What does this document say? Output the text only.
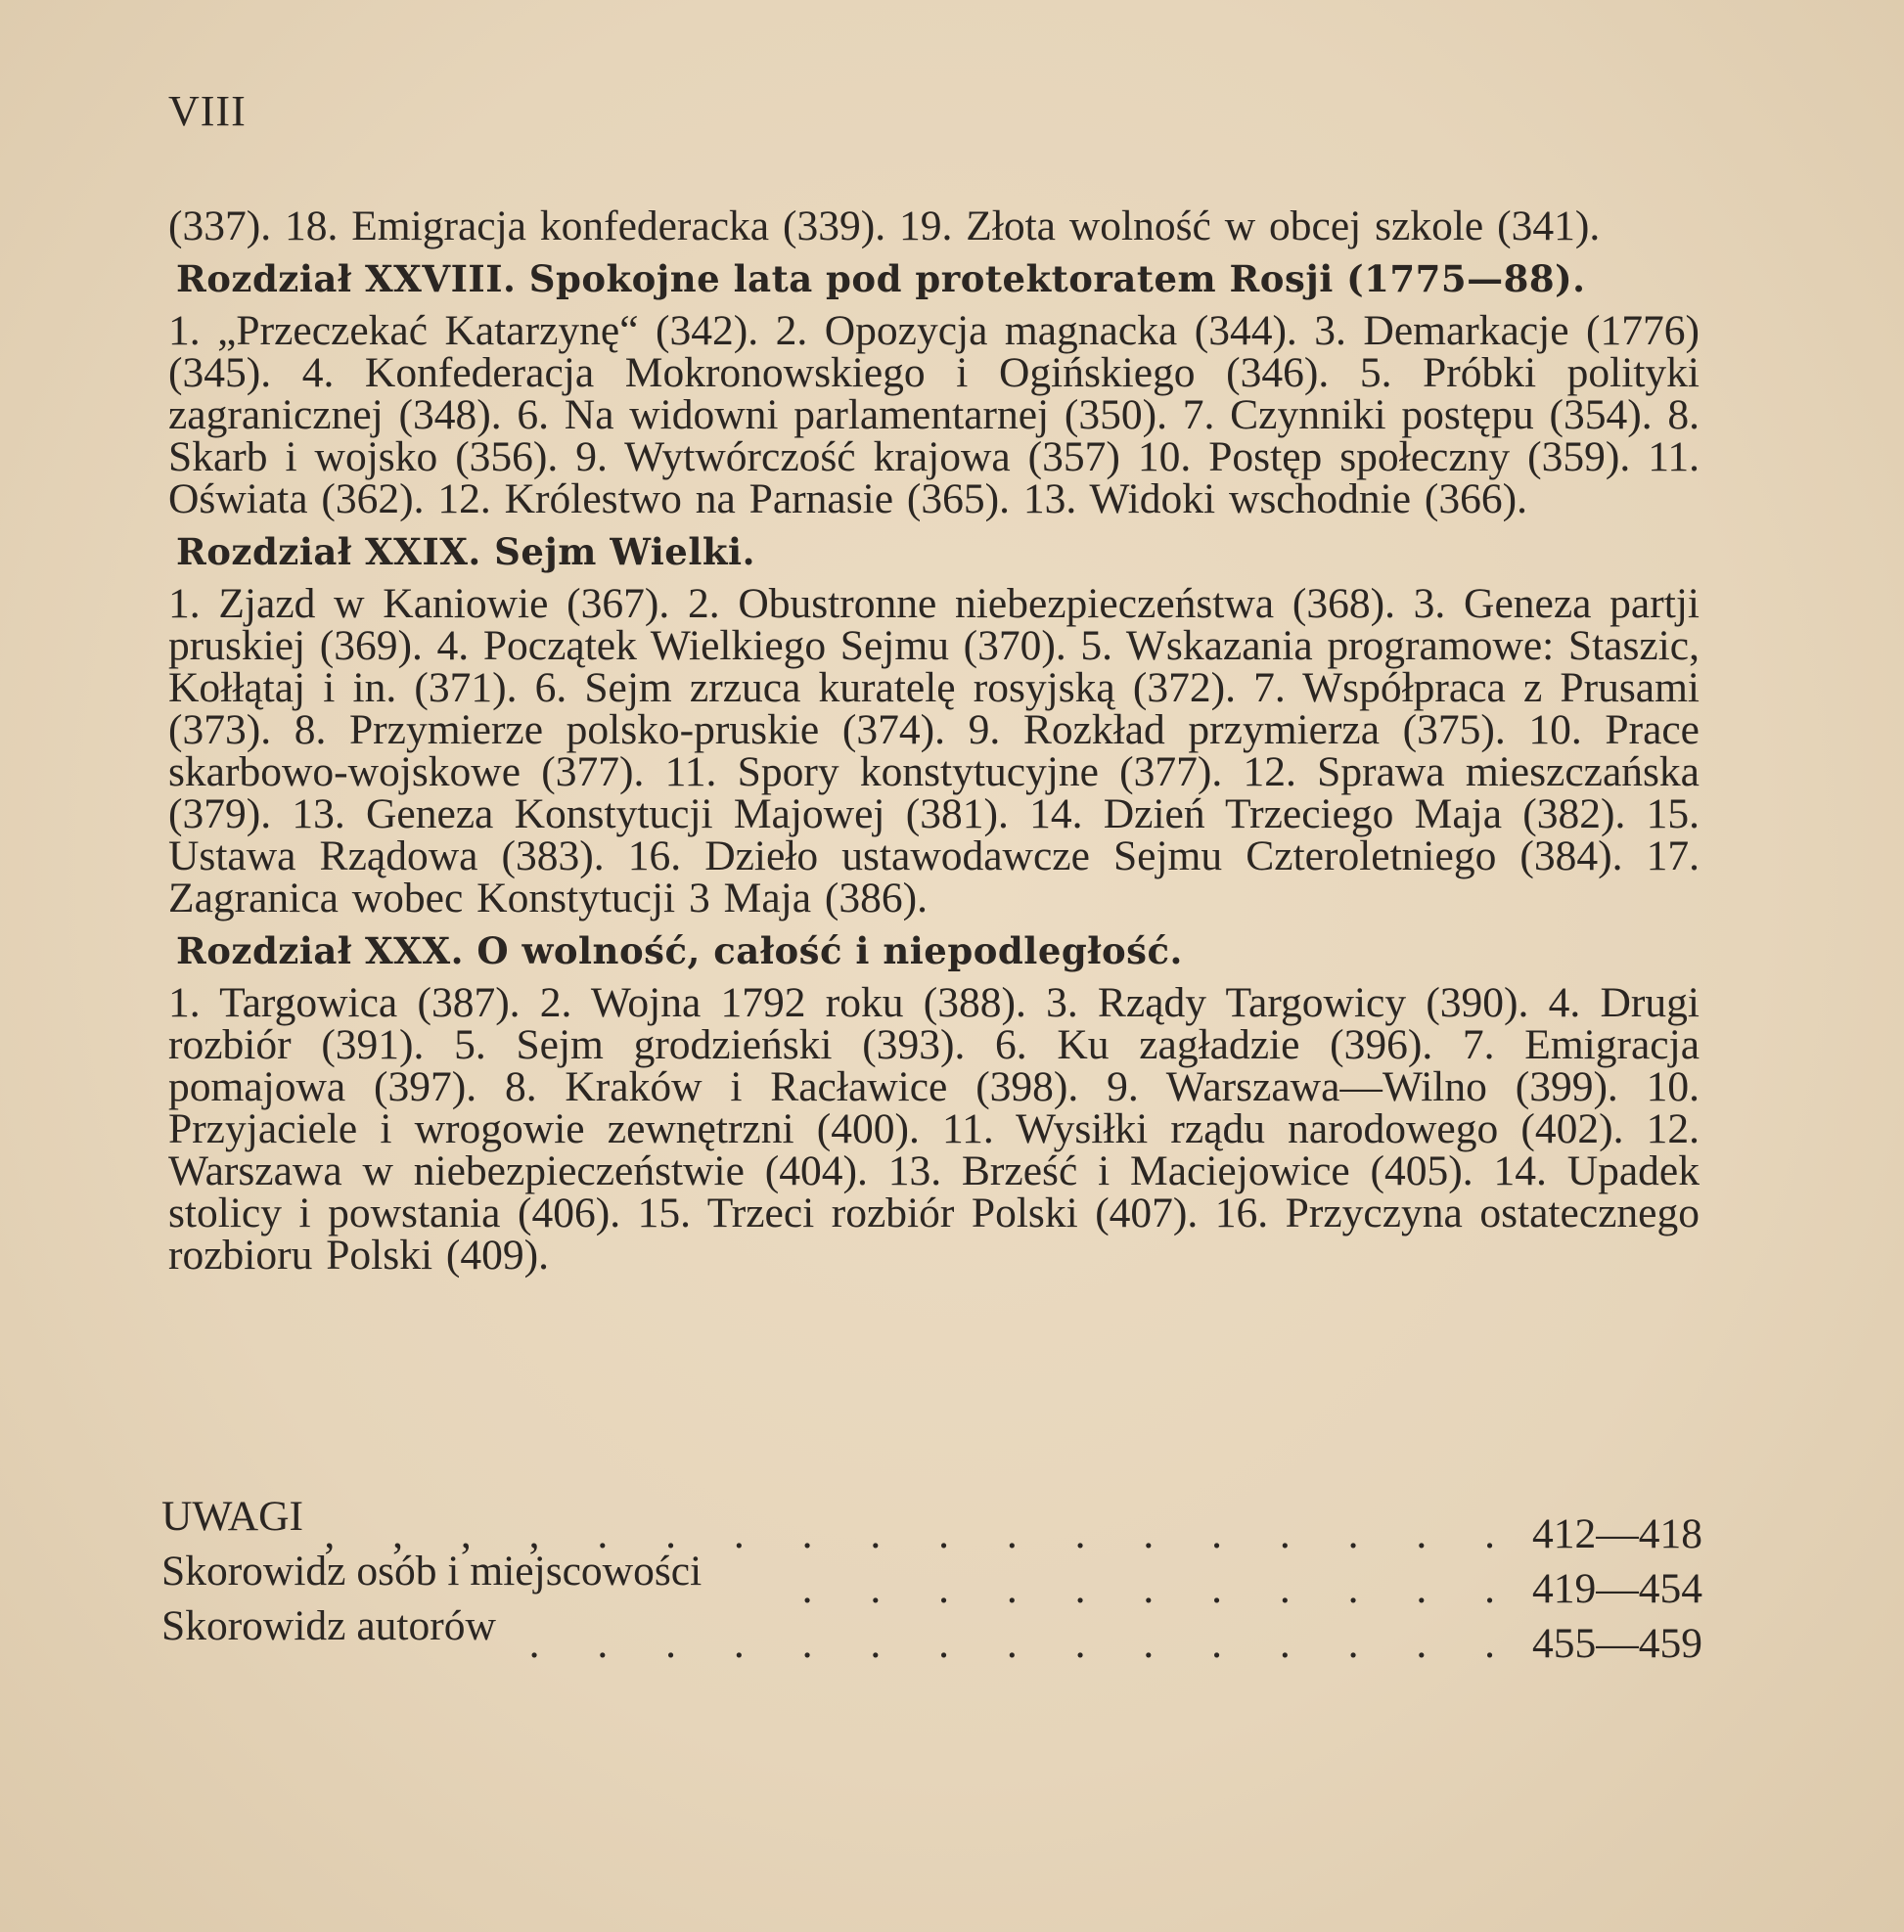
VIII

(337). 18. Emigracja konfederacka (339). 19. Złota wolność w obcej szkole (341).

Rozdział XXVIII. Spokojne lata pod protektoratem Rosji (1775—88).

1. „Przeczekać Katarzynę“ (342). 2. Opozycja magnacka (344). 3. Demarkacje (1776) (345). 4. Konfederacja Mokronowskiego i Ogińskiego (346). 5. Próbki polityki zagranicznej (348). 6. Na widowni parlamentarnej (350). 7. Czynniki postępu (354). 8. Skarb i wojsko (356). 9. Wytwórczość krajowa (357) 10. Postęp społeczny (359). 11. Oświata (362). 12. Królestwo na Parnasie (365). 13. Widoki wschodnie (366).

Rozdział XXIX. Sejm Wielki.

1. Zjazd w Kaniowie (367). 2. Obustronne niebezpieczeństwa (368). 3. Geneza partji pruskiej (369). 4. Początek Wielkiego Sejmu (370). 5. Wskazania programowe: Staszic, Kołłątaj i in. (371). 6. Sejm zrzuca kuratelę rosyjską (372). 7. Współpraca z Prusami (373). 8. Przymierze polsko-pruskie (374). 9. Rozkład przymierza (375). 10. Prace skarbowo-wojskowe (377). 11. Spory konstytucyjne (377). 12. Sprawa mieszczańska (379). 13. Geneza Konstytucji Majowej (381). 14. Dzień Trzeciego Maja (382). 15. Ustawa Rządowa (383). 16. Dzieło ustawodawcze Sejmu Czteroletniego (384). 17. Zagranica wobec Konstytucji 3 Maja (386).

Rozdział XXX. O wolność, całość i niepodległość.

1. Targowica (387). 2. Wojna 1792 roku (388). 3. Rządy Targowicy (390). 4. Drugi rozbiór (391). 5. Sejm grodzieński (393). 6. Ku zagładzie (396). 7. Emigracja pomajowa (397). 8. Kraków i Racławice (398). 9. Warszawa—Wilno (399). 10. Przyjaciele i wrogowie zewnętrzni (400). 11. Wysiłki rządu narodowego (402). 12. Warszawa w niebezpieczeństwie (404). 13. Brześć i Maciejowice (405). 14. Upadek stolicy i powstania (406). 15. Trzeci rozbiór Polski (407). 16. Przyczyna ostatecznego rozbioru Polski (409).

UWAGI . . . . . . . . . . . . . . , , , , 412—418
Skorowidz osób i miejscowości	. . . . . . . . . . . 419—454
Skorowidz autorów . . . . . . . . . . . . . . . 455—459
